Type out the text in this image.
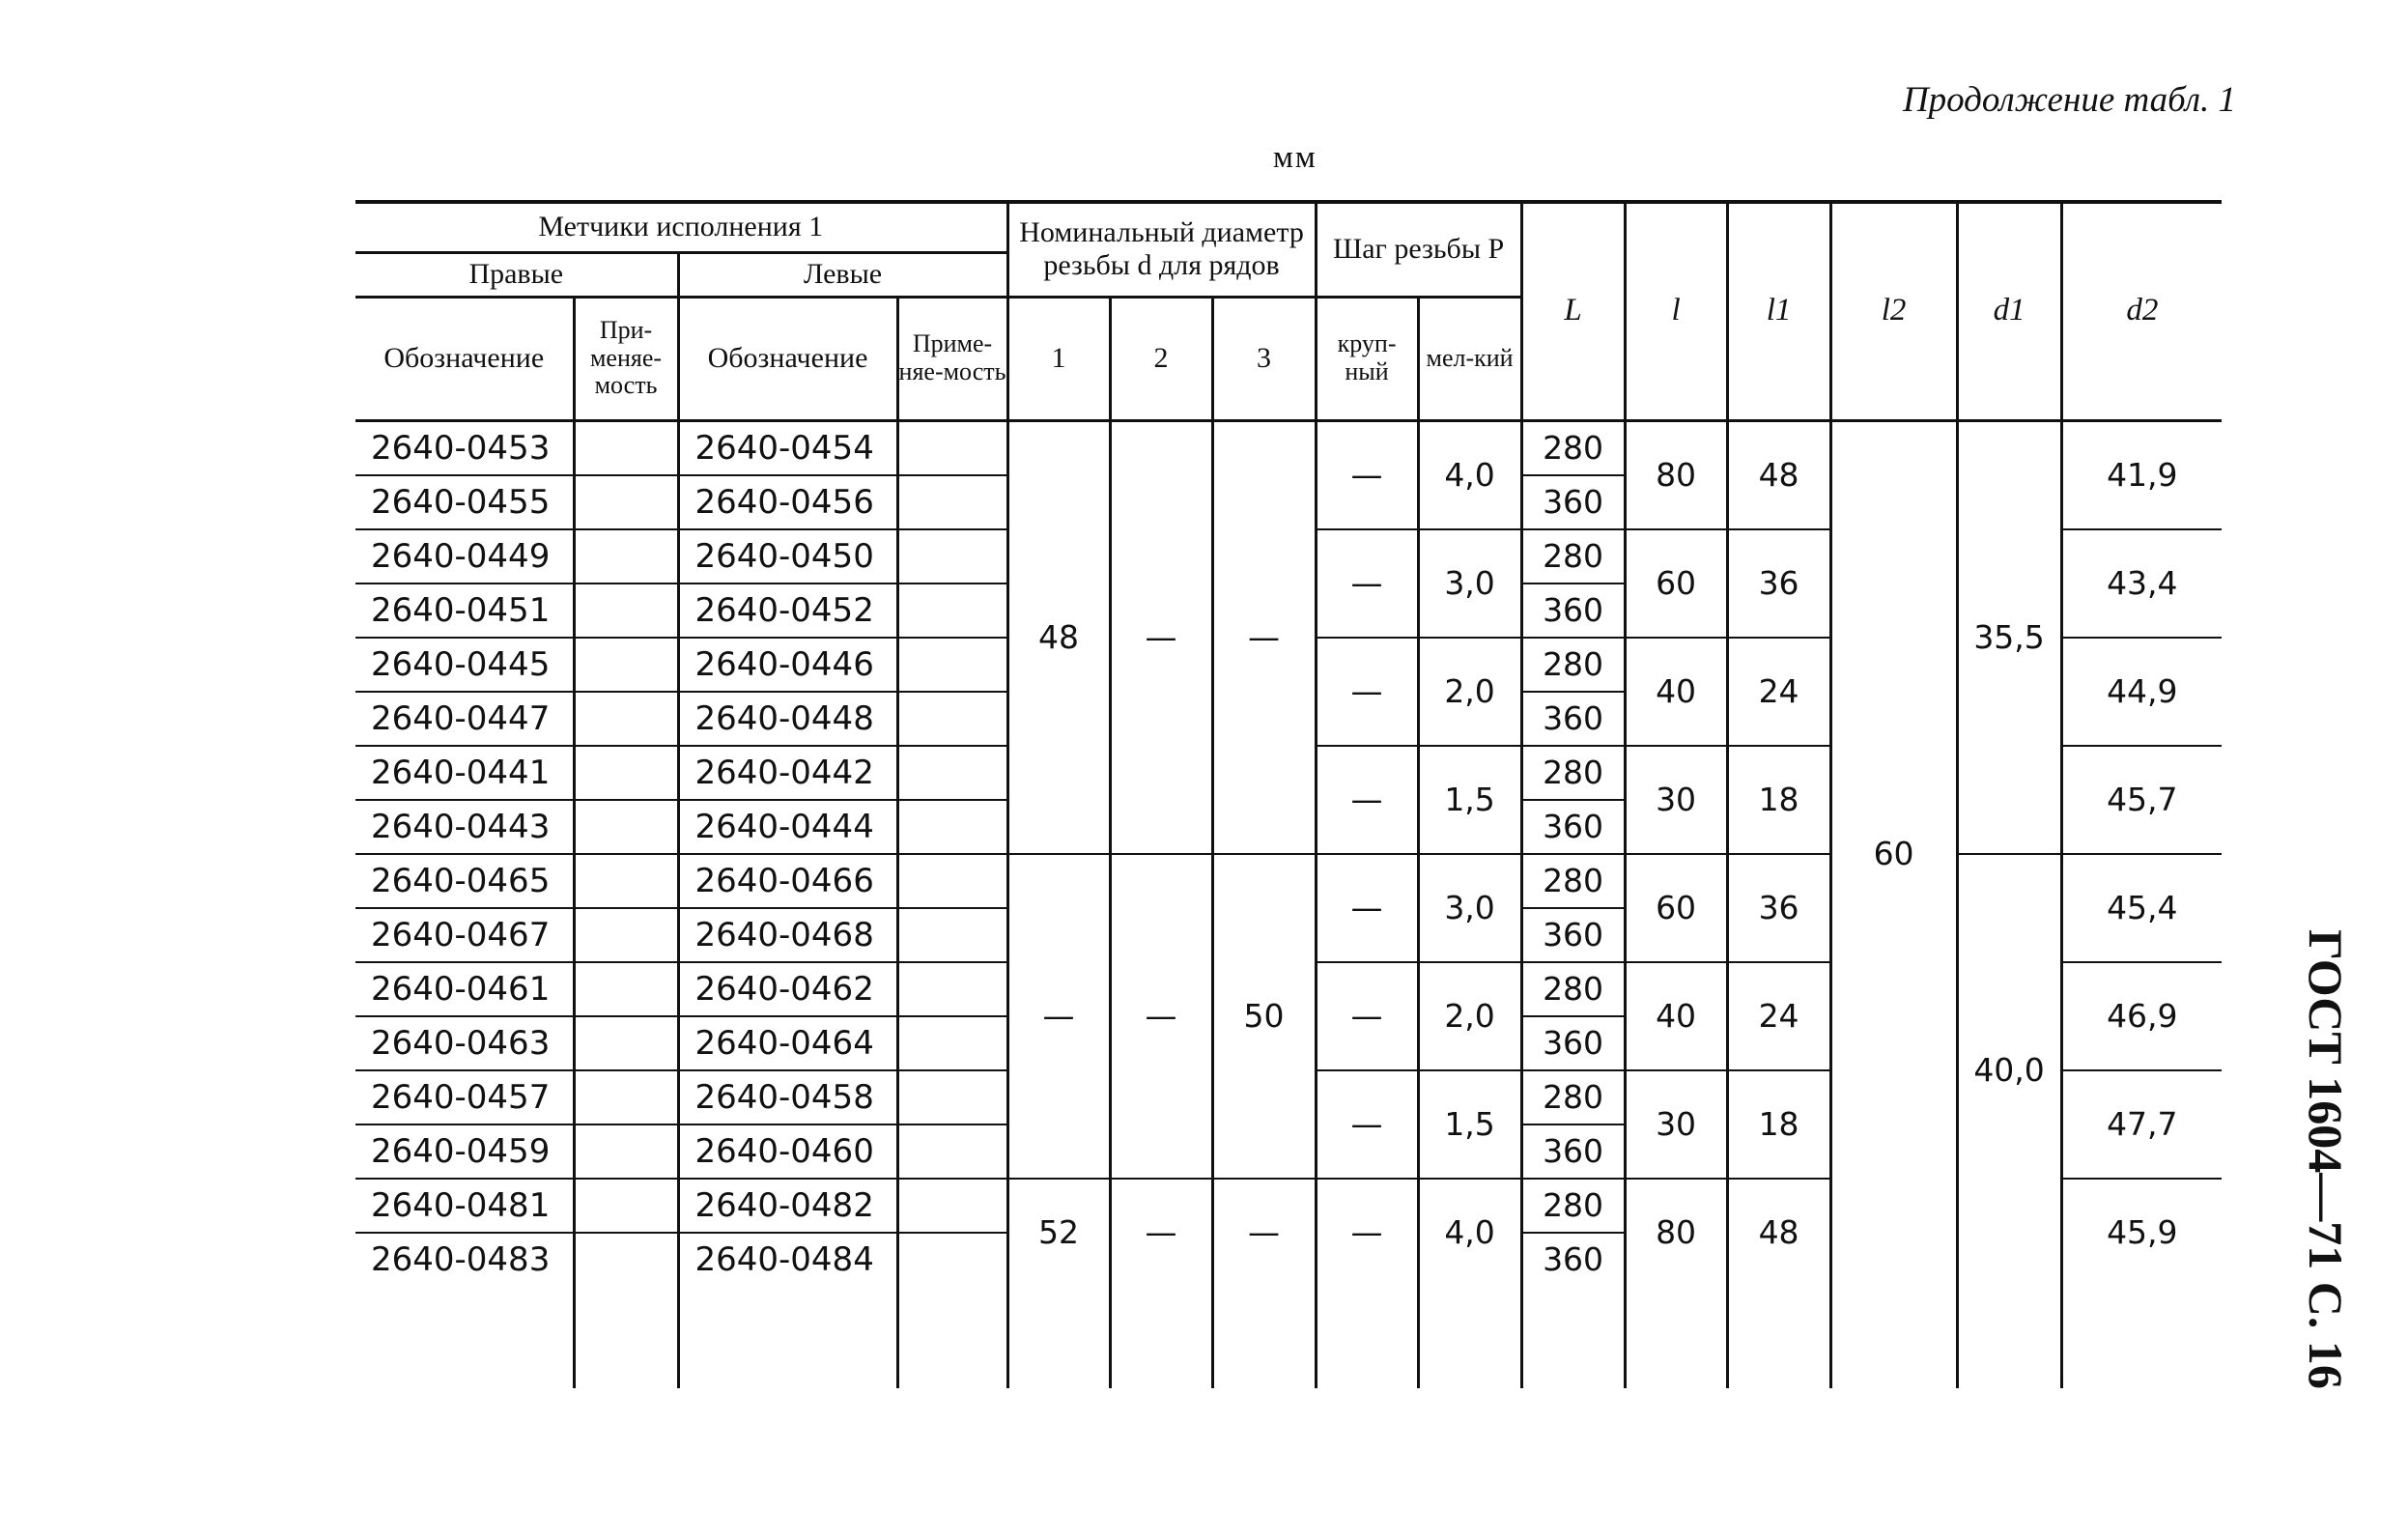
Продолжение табл. 1
мм
ГОСТ 1604—71 С. 16
Метчики исполнения 1				Номинальный диаметр резьбы d для рядов			Шаг резьбы P		L	l	l1	l2	d1	d2
Правые		Левые												
Обозначение	При-меняе-мость	Обозначение	Приме-няе-мость	1	2	3	круп-ный	мел-кий						
2640-0453		2640-0454		48	—	—	—	4,0	280	80	48	60	35,5	41,9
2640-0455		2640-0456							360					
2640-0449		2640-0450					—	3,0	280	60	36			43,4
2640-0451		2640-0452							360					
2640-0445		2640-0446					—	2,0	280	40	24			44,9
2640-0447		2640-0448							360					
2640-0441		2640-0442					—	1,5	280	30	18			45,7
2640-0443		2640-0444							360					
2640-0465		2640-0466		—	—	50	—	3,0	280	60	36		40,0	45,4
2640-0467		2640-0468							360					
2640-0461		2640-0462					—	2,0	280	40	24			46,9
2640-0463		2640-0464							360					
2640-0457		2640-0458					—	1,5	280	30	18			47,7
2640-0459		2640-0460							360					
2640-0481		2640-0482		52	—	—	—	4,0	280	80	48			45,9
2640-0483		2640-0484							360					
